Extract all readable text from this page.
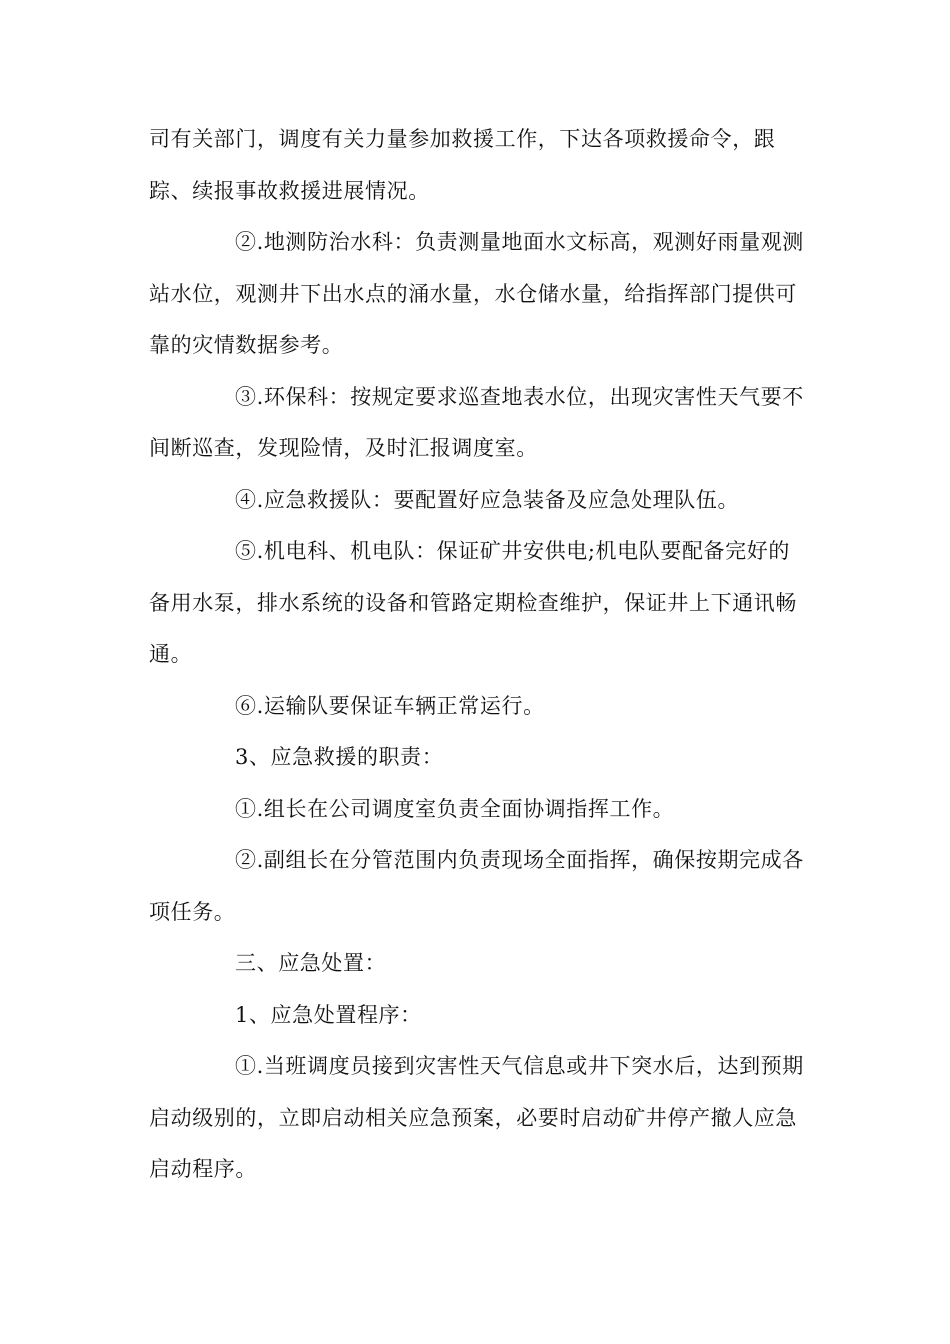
司有关部门，调度有关力量参加救援工作，下达各项救援命令，跟踪、续报事故救援进展情况。

②.地测防治水科：负责测量地面水文标高，观测好雨量观测站水位，观测井下出水点的涌水量，水仓储水量，给指挥部门提供可靠的灾情数据参考。

③.环保科：按规定要求巡查地表水位，出现灾害性天气要不间断巡查，发现险情，及时汇报调度室。

④.应急救援队：要配置好应急装备及应急处理队伍。

⑤.机电科、机电队：保证矿井安供电;机电队要配备完好的备用水泵，排水系统的设备和管路定期检查维护，保证井上下通讯畅通。

⑥.运输队要保证车辆正常运行。

3、应急救援的职责：

①.组长在公司调度室负责全面协调指挥工作。

②.副组长在分管范围内负责现场全面指挥，确保按期完成各项任务。

三、应急处置：

1、应急处置程序：

①.当班调度员接到灾害性天气信息或井下突水后，达到预期启动级别的，立即启动相关应急预案，必要时启动矿井停产撤人应急启动程序。
